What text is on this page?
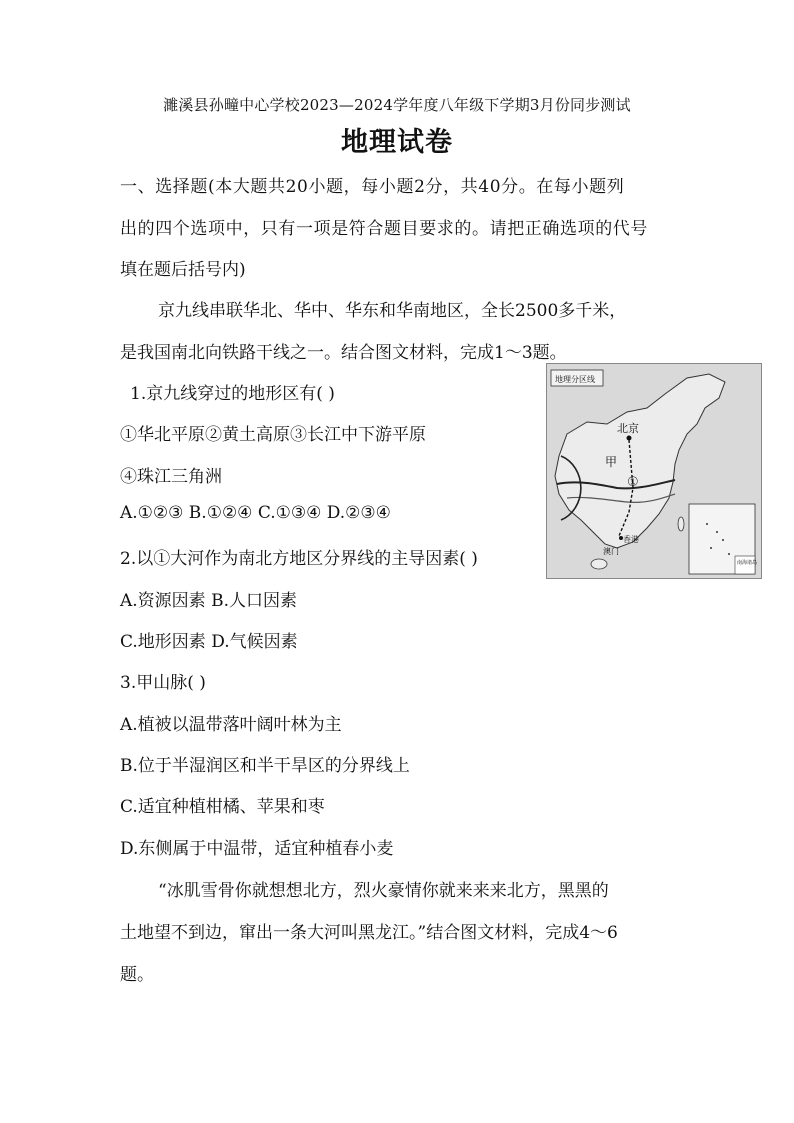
濉溪县孙疃中心学校2023—2024学年度八年级下学期3月份同步测试
地理试卷
一、选择题(本大题共20小题，每小题2分，共40分。在每小题列
出的四个选项中，只有一项是符合题目要求的。请把正确选项的代号
填在题后括号内)
京九线串联华北、华中、华东和华南地区，全长2500多千米，
是我国南北向铁路干线之一。结合图文材料，完成1～3题。
1.京九线穿过的地形区有( )
①华北平原②黄土高原③长江中下游平原
④珠江三角洲
A.①②③ B.①②④ C.①③④ D.②③④
2.以①大河作为南北方地区分界线的主导因素( )
A.资源因素 B.人口因素
C.地形因素 D.气候因素
3.甲山脉( )
A.植被以温带落叶阔叶林为主
B.位于半湿润区和半干旱区的分界线上
C.适宜种植柑橘、苹果和枣
D.东侧属于中温带，适宜种植春小麦
“冰肌雪骨你就想想北方，烈火豪情你就来来来北方，黑黑的
土地望不到边，窜出一条大河叫黑龙江。”结合图文材料，完成4～6
题。
地理分区线
北京
甲
①
香港
澳门
南海诸岛
